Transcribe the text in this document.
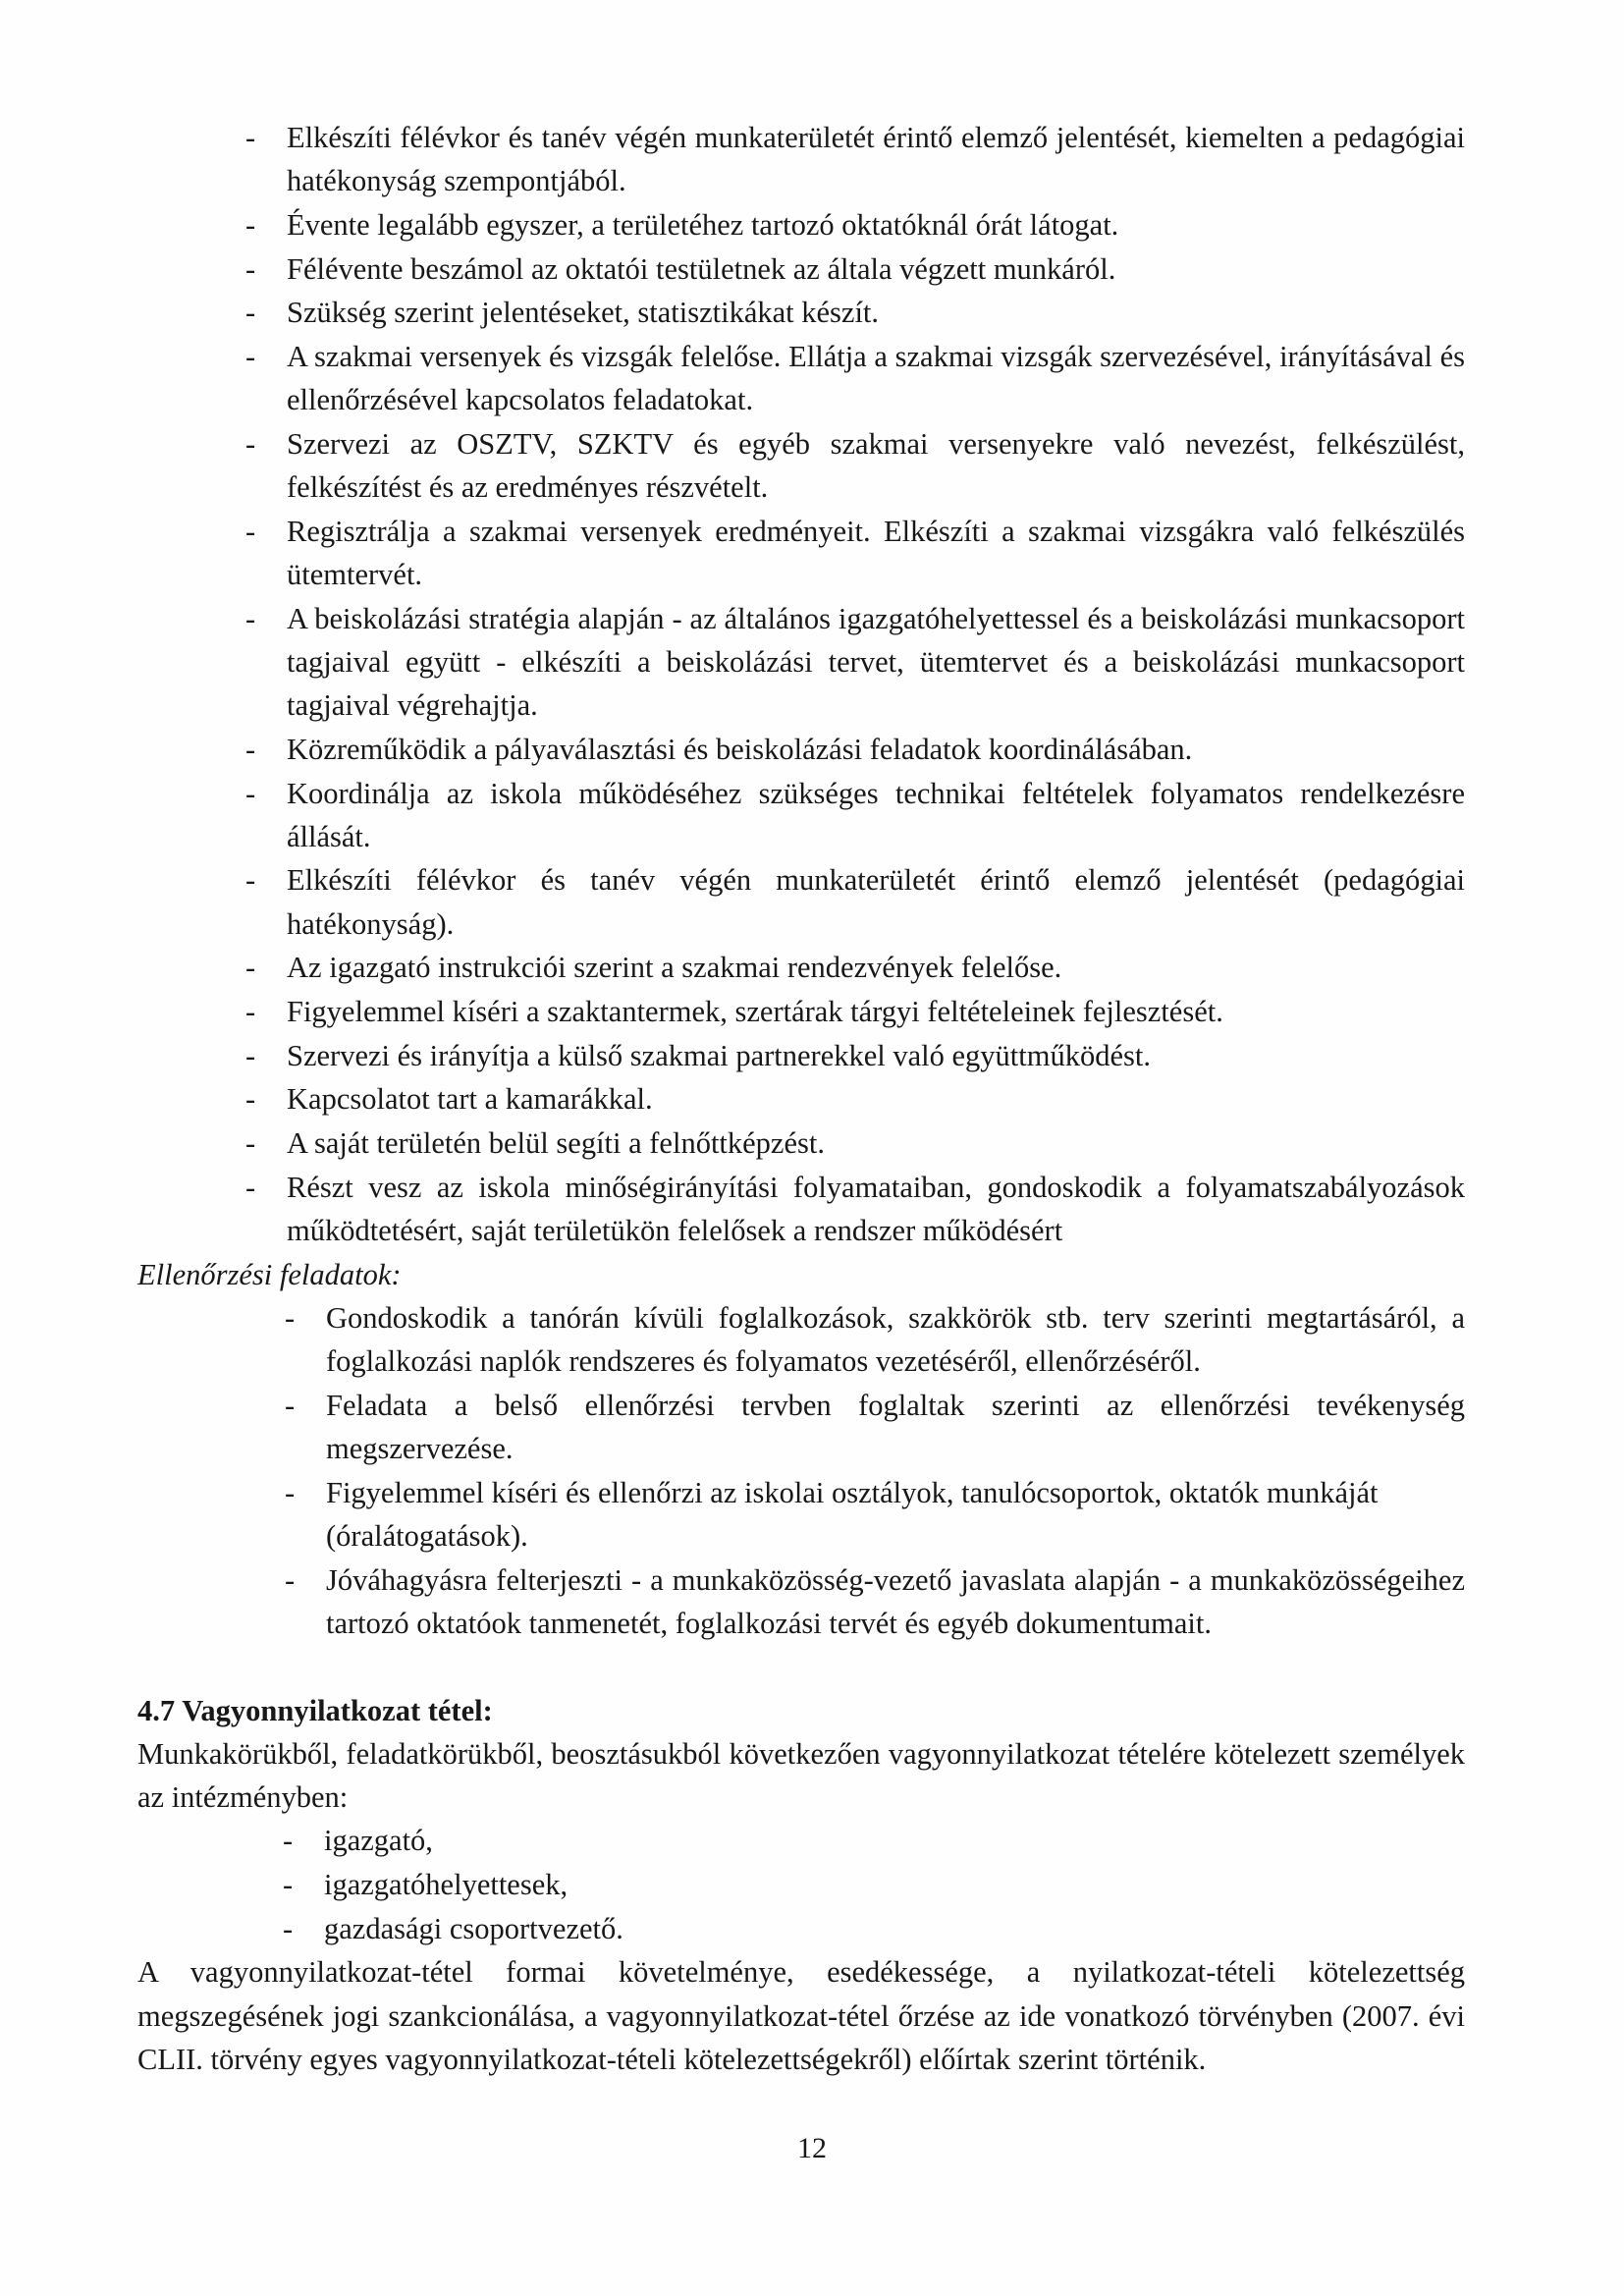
- Elkészíti félévkor és tanév végén munkaterületét érintő elemző jelentését, kiemelten a pedagógiai hatékonyság szempontjából.
- Évente legalább egyszer, a területéhez tartozó oktatóknál órát látogat.
- Félévente beszámol az oktatói testületnek az általa végzett munkáról.
- Szükség szerint jelentéseket, statisztikákat készít.
- A szakmai versenyek és vizsgák felelőse. Ellátja a szakmai vizsgák szervezésével, irányításával és ellenőrzésével kapcsolatos feladatokat.
- Szervezi az OSZTV, SZKTV és egyéb szakmai versenyekre való nevezést, felkészülést, felkészítést és az eredményes részvételt.
- Regisztrálja a szakmai versenyek eredményeit. Elkészíti a szakmai vizsgákra való felkészülés ütemtervét.
- A beiskolázási stratégia alapján - az általános igazgatóhelyettessel és a beiskolázási munkacsoport tagjaival együtt - elkészíti a beiskolázási tervet, ütemtervet és a beiskolázási munkacsoport tagjaival végrehajtja.
- Közreműködik a pályaválasztási és beiskolázási feladatok koordinálásában.
- Koordinálja az iskola működéséhez szükséges technikai feltételek folyamatos rendelkezésre állását.
- Elkészíti félévkor és tanév végén munkaterületét érintő elemző jelentését (pedagógiai hatékonyság).
- Az igazgató instrukciói szerint a szakmai rendezvények felelőse.
- Figyelemmel kíséri a szaktantermek, szertárak tárgyi feltételeinek fejlesztését.
- Szervezi és irányítja a külső szakmai partnerekkel való együttműködést.
- Kapcsolatot tart a kamarákkal.
- A saját területén belül segíti a felnőttképzést.
- Részt vesz az iskola minőségirányítási folyamataiban, gondoskodik a folyamatszabályozások működtetésért, saját területükön felelősek a rendszer működésért

Ellenőrzési feladatok:

- Gondoskodik a tanórán kívüli foglalkozások, szakkörök stb. terv szerinti megtartásáról, a foglalkozási naplók rendszeres és folyamatos vezetéséről, ellenőrzéséről.
- Feladata a belső ellenőrzési tervben foglaltak szerinti az ellenőrzési tevékenység megszervezése.
- Figyelemmel kíséri és ellenőrzi az iskolai osztályok, tanulócsoportok, oktatók munkáját (óralátogatások).
- Jóváhagyásra felterjeszti - a munkaközösség-vezető javaslata alapján - a munkaközösségeihez tartozó oktatóok tanmenetét, foglalkozási tervét és egyéb dokumentumait.

4.7 Vagyonnyilatkozat tétel:

Munkakörükből, feladatkörükből, beosztásukból következően vagyonnyilatkozat tételére kötelezett személyek az intézményben:

- igazgató,
- igazgatóhelyettesek,
- gazdasági csoportvezető.

A vagyonnyilatkozat-tétel formai követelménye, esedékessége, a nyilatkozat-tételi kötelezettség megszegésének jogi szankcionálása, a vagyonnyilatkozat-tétel őrzése az ide vonatkozó törvényben (2007. évi CLII. törvény egyes vagyonnyilatkozat-tételi kötelezettségekről) előírtak szerint történik.

12
